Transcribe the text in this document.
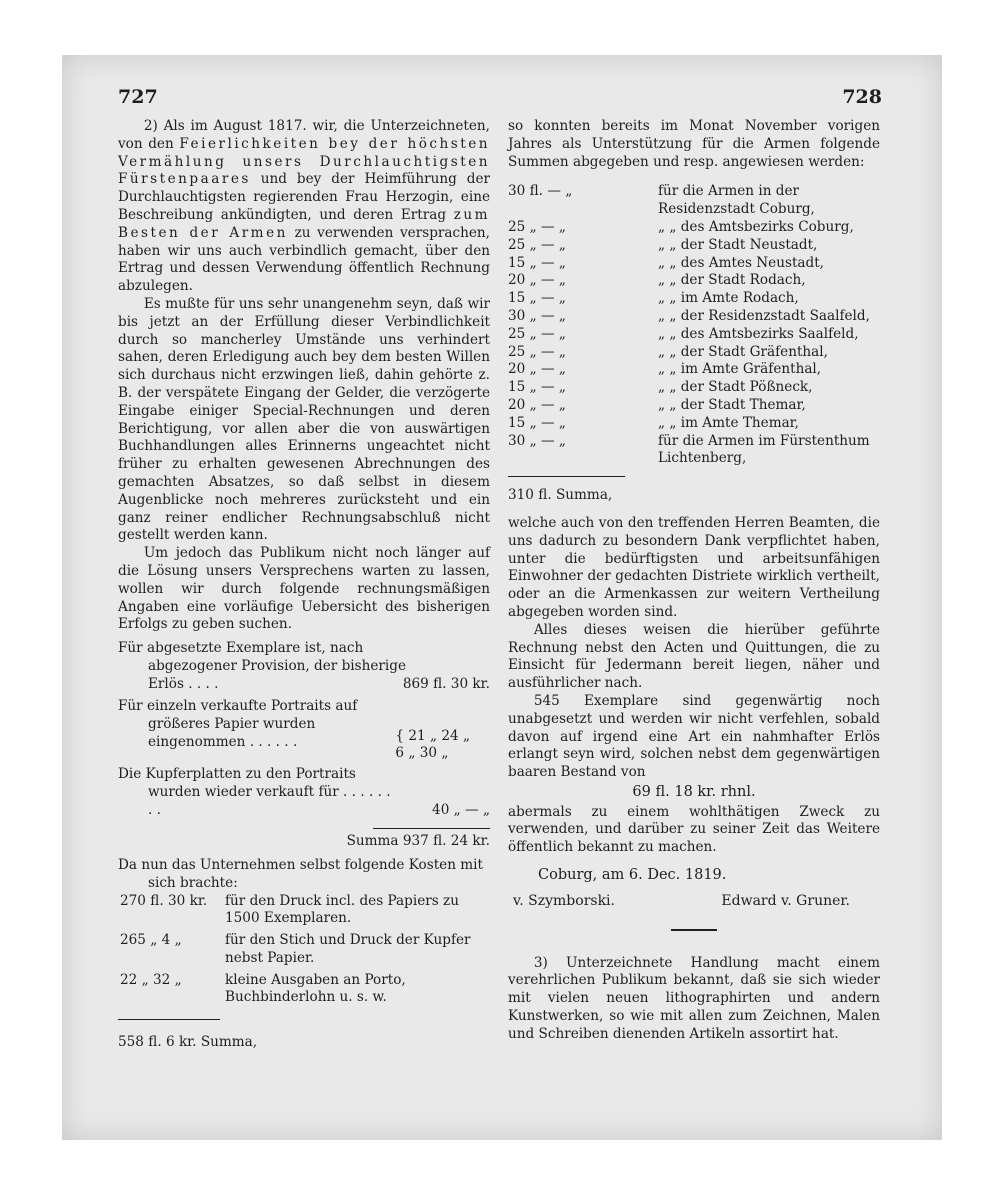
727	728

2) Als im August 1817. wir, die Unterzeichneten, von den Feierlichkeiten bey der höchsten Vermählung unsers Durchlauchtigsten Fürstenpaares und bey der Heimführung der Durchlauchtigsten regierenden Frau Herzogin, eine Beschreibung ankündigten, und deren Ertrag zum Besten der Armen zu verwenden versprachen, haben wir uns auch verbindlich gemacht, über den Ertrag und dessen Verwendung öffentlich Rechnung abzulegen.

Es mußte für uns sehr unangenehm seyn, daß wir bis jetzt an der Erfüllung dieser Verbindlichkeit durch so mancherley Umstände uns verhindert sahen, deren Erledigung auch bey dem besten Willen sich durchaus nicht erzwingen ließ, dahin gehörte z. B. der verspätete Eingang der Gelder, die verzögerte Eingabe einiger Special-Rechnungen und deren Berichtigung, vor allen aber die von auswärtigen Buchhandlungen alles Erinnerns ungeachtet nicht früher zu erhalten gewesenen Abrechnungen des gemachten Absatzes, so daß selbst in diesem Augenblicke noch mehreres zurücksteht und ein ganz reiner endlicher Rechnungsabschluß nicht gestellt werden kann.

Um jedoch das Publikum nicht noch länger auf die Lösung unsers Versprechens warten zu lassen, wollen wir durch folgende rechnungsmäßigen Angaben eine vorläufige Uebersicht des bisherigen Erfolgs zu geben suchen.

Für abgesetzte Exemplare ist, nach abgezogener Provision, der bisherige Erlös . . . .	869 fl. 30 kr.
Für einzeln verkaufte Portraits auf größeres Papier wurden eingenommen . . . . . .	{ 21 „ 24 „
6 „ 30 „
Die Kupferplatten zu den Portraits wurden wieder verkauft für . . . . . . . .	40 „ — „
Summa 937 fl. 24 kr.
Da nun das Unternehmen selbst folgende Kosten mit sich brachte:
270 fl. 30 kr.	für den Druck incl. des Papiers zu 1500 Exemplaren.
265 „ 4 „	für den Stich und Druck der Kupfer nebst Papier.
22 „ 32 „	kleine Ausgaben an Porto, Buchbinderlohn u. s. w.
558 fl. 6 kr. Summa,

so konnten bereits im Monat November vorigen Jahres als Unterstützung für die Armen folgende Summen abgegeben und resp. angewiesen werden:

30 fl. — „	für die Armen in der Residenzstadt Coburg,
25 „ — „	„ „ des Amtsbezirks Coburg,
25 „ — „	„ „ der Stadt Neustadt,
15 „ — „	„ „ des Amtes Neustadt,
20 „ — „	„ „ der Stadt Rodach,
15 „ — „	„ „ im Amte Rodach,
30 „ — „	„ „ der Residenzstadt Saalfeld,
25 „ — „	„ „ des Amtsbezirks Saalfeld,
25 „ — „	„ „ der Stadt Gräfenthal,
20 „ — „	„ „ im Amte Gräfenthal,
15 „ — „	„ „ der Stadt Pößneck,
20 „ — „	„ „ der Stadt Themar,
15 „ — „	„ „ im Amte Themar,
30 „ — „	für die Armen im Fürstenthum Lichtenberg,
310 fl. Summa,

welche auch von den treffenden Herren Beamten, die uns dadurch zu besondern Dank verpflichtet haben, unter die bedürftigsten und arbeitsunfähigen Einwohner der gedachten Distriete wirklich vertheilt, oder an die Armenkassen zur weitern Vertheilung abgegeben worden sind.

Alles dieses weisen die hierüber geführte Rechnung nebst den Acten und Quittungen, die zu Einsicht für Jedermann bereit liegen, näher und ausführlicher nach.

545 Exemplare sind gegenwärtig noch unabgesetzt und werden wir nicht verfehlen, sobald davon auf irgend eine Art ein nahmhafter Erlös erlangt seyn wird, solchen nebst dem gegenwärtigen baaren Bestand von

69 fl. 18 kr. rhnl.

abermals zu einem wohlthätigen Zweck zu verwenden, und darüber zu seiner Zeit das Weitere öffentlich bekannt zu machen.

Coburg, am 6. Dec. 1819.
v. Szymborski.	Edward v. Gruner.

3) Unterzeichnete Handlung macht einem verehrlichen Publikum bekannt, daß sie sich wieder mit vielen neuen lithographirten und andern Kunstwerken, so wie mit allen zum Zeichnen, Malen und Schreiben dienenden Artikeln assortirt hat.
